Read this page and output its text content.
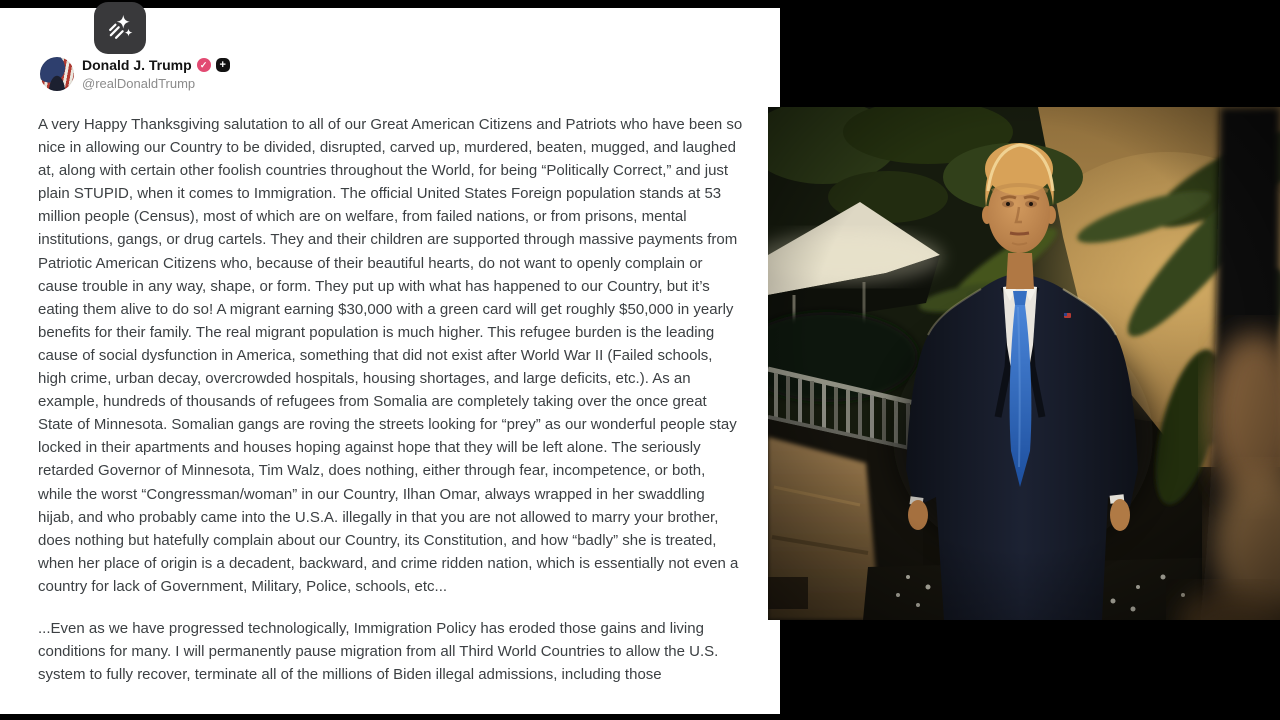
Donald J. Trump ✓	+
@realDonaldTrump

A very Happy Thanksgiving salutation to all of our Great American Citizens and Patriots who have been so nice in allowing our Country to be divided, disrupted, carved up, murdered, beaten, mugged, and laughed at, along with certain other foolish countries throughout the World, for being “Politically Correct,” and just plain STUPID, when it comes to Immigration. The official United States Foreign population stands at 53 million people (Census), most of which are on welfare, from failed nations, or from prisons, mental institutions, gangs, or drug cartels. They and their children are supported through massive payments from Patriotic American Citizens who, because of their beautiful hearts, do not want to openly complain or cause trouble in any way, shape, or form. They put up with what has happened to our Country, but it’s eating them alive to do so! A migrant earning $30,000 with a green card will get roughly $50,000 in yearly benefits for their family. The real migrant population is much higher. This refugee burden is the leading cause of social dysfunction in America, something that did not exist after World War II (Failed schools, high crime, urban decay, overcrowded hospitals, housing shortages, and large deficits, etc.). As an example, hundreds of thousands of refugees from Somalia are completely taking over the once great State of Minnesota. Somalian gangs are roving the streets looking for “prey” as our wonderful people stay locked in their apartments and houses hoping against hope that they will be left alone. The seriously retarded Governor of Minnesota, Tim Walz, does nothing, either through fear, incompetence, or both, while the worst “Congressman/woman” in our Country, Ilhan Omar, always wrapped in her swaddling hijab, and who probably came into the U.S.A. illegally in that you are not allowed to marry your brother, does nothing but hatefully complain about our Country, its Constitution, and how “badly” she is treated, when her place of origin is a decadent, backward, and crime ridden nation, which is essentially not even a country for lack of Government, Military, Police, schools, etc...

...Even as we have progressed technologically, Immigration Policy has eroded those gains and living conditions for many. I will permanently pause migration from all Third World Countries to allow the U.S. system to fully recover, terminate all of the millions of Biden illegal admissions, including those
